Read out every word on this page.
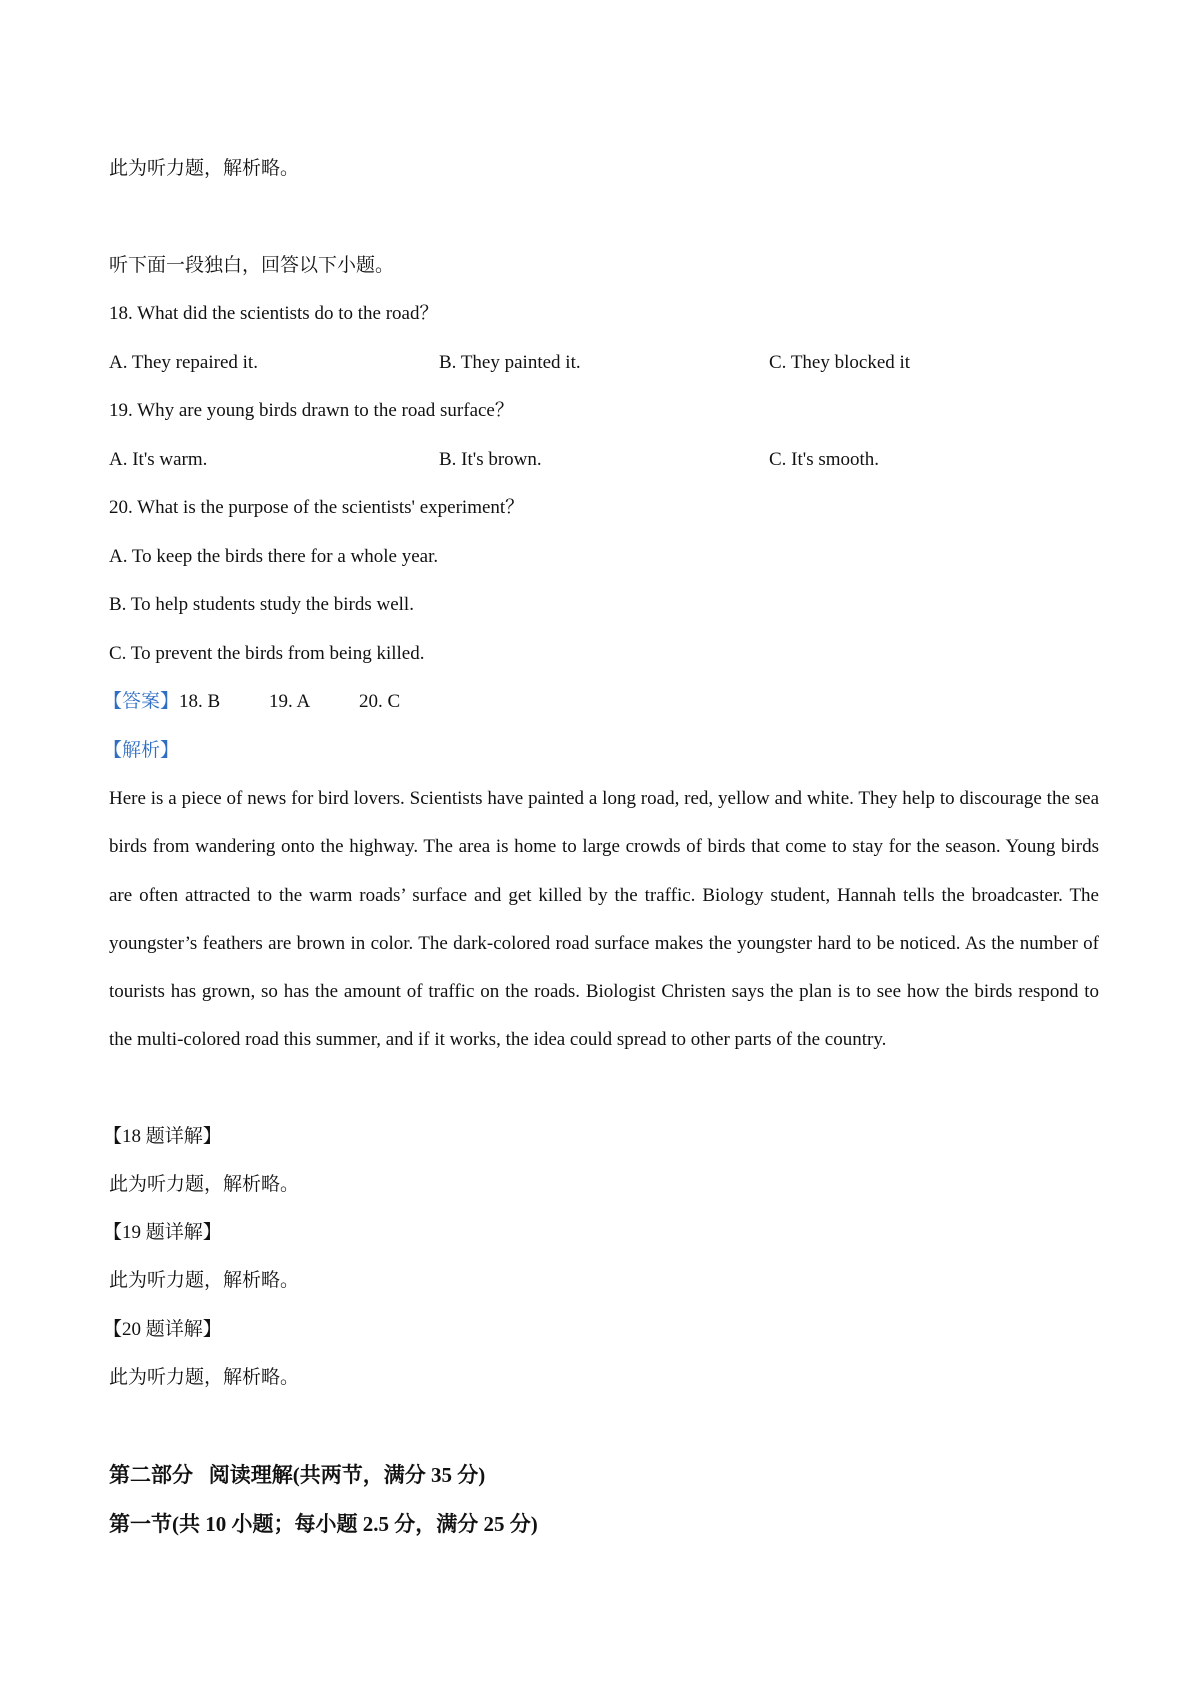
此为听力题，解析略。
听下面一段独白，回答以下小题。
18. What did the scientists do to the road？
A. They repaired it.	B. They painted it.	C. They blocked it
19. Why are young birds drawn to the road surface？
A. It's warm.	B. It's brown.	C. It's smooth.
20. What is the purpose of the scientists' experiment？
A. To keep the birds there for a whole year.
B. To help students study the birds well.
C. To prevent the birds from being killed.
【答案】18. B	19. A	20. C
【解析】
Here is a piece of news for bird lovers. Scientists have painted a long road, red, yellow and white. They help to discourage the sea birds from wandering onto the highway. The area is home to large crowds of birds that come to stay for the season. Young birds are often attracted to the warm roads’ surface and get killed by the traffic. Biology student, Hannah tells the broadcaster. The youngster’s feathers are brown in color. The dark-colored road surface makes the youngster hard to be noticed. As the number of tourists has grown, so has the amount of traffic on the roads. Biologist Christen says the plan is to see how the birds respond to the multi-colored road this summer, and if it works, the idea could spread to other parts of the country.
【18 题详解】
此为听力题，解析略。
【19 题详解】
此为听力题，解析略。
【20 题详解】
此为听力题，解析略。
第二部分   阅读理解(共两节，满分 35 分)
第一节(共 10 小题；每小题 2.5 分，满分 25 分)
